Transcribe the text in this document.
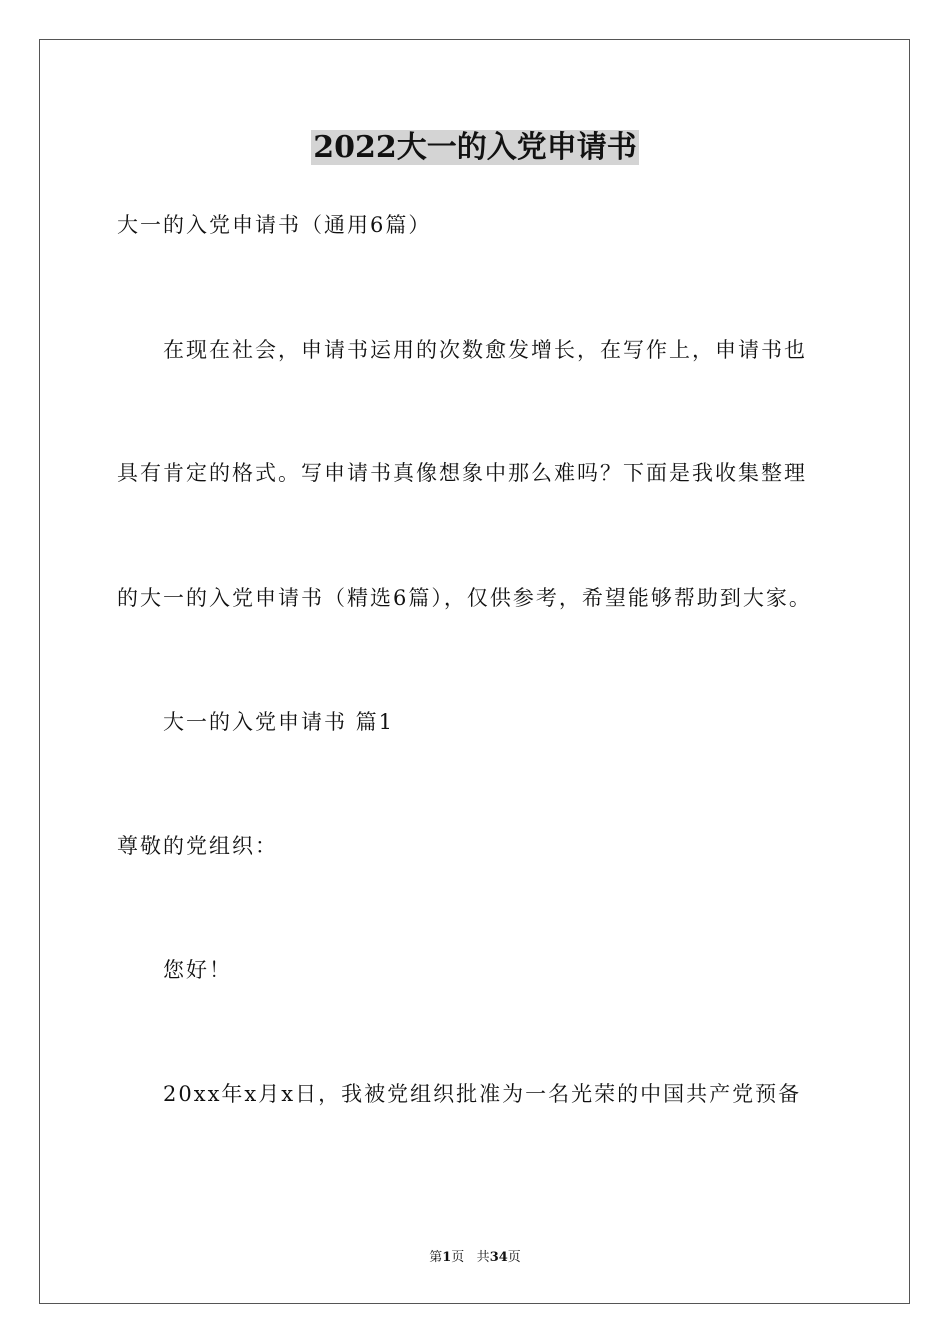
2022大一的入党申请书
大一的入党申请书（通用6篇）
在现在社会，申请书运用的次数愈发增长，在写作上，申请书也
具有肯定的格式。写申请书真像想象中那么难吗？下面是我收集整理
的大一的入党申请书（精选6篇），仅供参考，希望能够帮助到大家。
大一的入党申请书 篇1
尊敬的党组织：
您好！
20xx年x月x日，我被党组织批准为一名光荣的中国共产党预备
第1页 共34页
